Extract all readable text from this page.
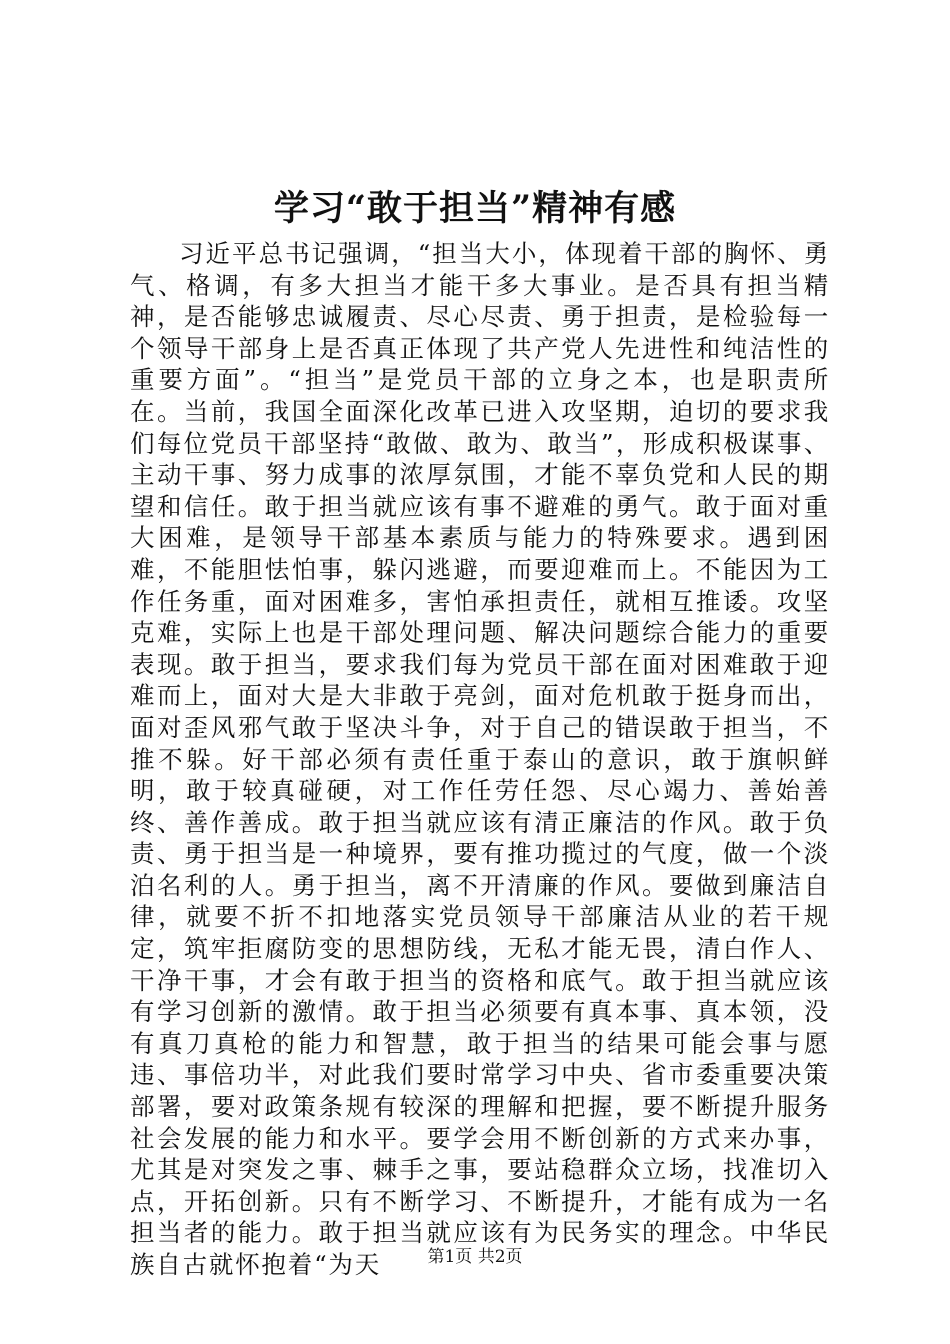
学习“敢于担当”精神有感
习近平总书记强调，“担当大小，体现着干部的胸怀、勇气、格调，有多大担当才能干多大事业。是否具有担当精神，是否能够忠诚履责、尽心尽责、勇于担责，是检验每一个领导干部身上是否真正体现了共产党人先进性和纯洁性的重要方面”。“担当”是党员干部的立身之本，也是职责所在。当前，我国全面深化改革已进入攻坚期，迫切的要求我们每位党员干部坚持“敢做、敢为、敢当”，形成积极谋事、主动干事、努力成事的浓厚氛围，才能不辜负党和人民的期望和信任。敢于担当就应该有事不避难的勇气。敢于面对重大困难，是领导干部基本素质与能力的特殊要求。遇到困难，不能胆怯怕事，躲闪逃避，而要迎难而上。不能因为工作任务重，面对困难多，害怕承担责任，就相互推诿。攻坚克难，实际上也是干部处理问题、解决问题综合能力的重要表现。敢于担当，要求我们每为党员干部在面对困难敢于迎难而上，面对大是大非敢于亮剑，面对危机敢于挺身而出，面对歪风邪气敢于坚决斗争，对于自己的错误敢于担当，不推不躲。好干部必须有责任重于泰山的意识，敢于旗帜鲜明，敢于较真碰硬，对工作任劳任怨、尽心竭力、善始善终、善作善成。敢于担当就应该有清正廉洁的作风。敢于负责、勇于担当是一种境界，要有推功揽过的气度，做一个淡泊名利的人。勇于担当，离不开清廉的作风。要做到廉洁自律，就要不折不扣地落实党员领导干部廉洁从业的若干规定，筑牢拒腐防变的思想防线，无私才能无畏，清白作人、干净干事，才会有敢于担当的资格和底气。敢于担当就应该有学习创新的激情。敢于担当必须要有真本事、真本领，没有真刀真枪的能力和智慧，敢于担当的结果可能会事与愿违、事倍功半，对此我们要时常学习中央、省市委重要决策部署，要对政策条规有较深的理解和把握，要不断提升服务社会发展的能力和水平。要学会用不断创新的方式来办事，尤其是对突发之事、棘手之事，要站稳群众立场，找准切入点，开拓创新。只有不断学习、不断提升，才能有成为一名担当者的能力。敢于担当就应该有为民务实的理念。中华民族自古就怀抱着“为天	第1页 共2页
